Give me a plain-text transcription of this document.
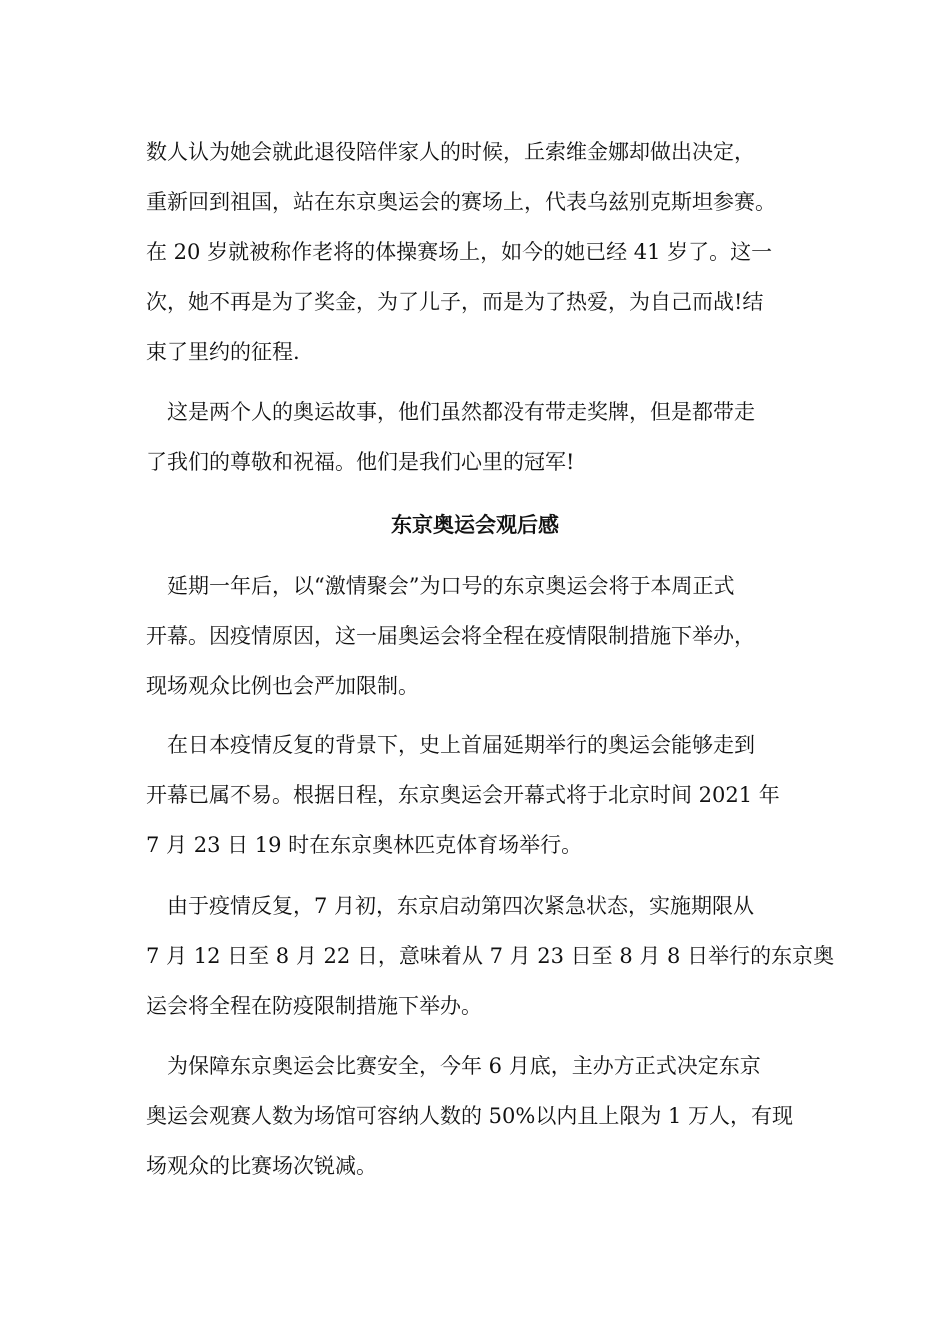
数人认为她会就此退役陪伴家人的时候，丘索维金娜却做出决定，
重新回到祖国，站在东京奥运会的赛场上，代表乌兹别克斯坦参赛。
在 20 岁就被称作老将的体操赛场上，如今的她已经 41 岁了。这一
次，她不再是为了奖金，为了儿子，而是为了热爱，为自己而战!结
束了里约的征程.
　这是两个人的奥运故事，他们虽然都没有带走奖牌，但是都带走
了我们的尊敬和祝福。他们是我们心里的冠军!
东京奥运会观后感
　延期一年后，以“激情聚会”为口号的东京奥运会将于本周正式
开幕。因疫情原因，这一届奥运会将全程在疫情限制措施下举办，
现场观众比例也会严加限制。
　在日本疫情反复的背景下，史上首届延期举行的奥运会能够走到
开幕已属不易。根据日程，东京奥运会开幕式将于北京时间 2021 年
7 月 23 日 19 时在东京奥林匹克体育场举行。
　由于疫情反复，7 月初，东京启动第四次紧急状态，实施期限从
7 月 12 日至 8 月 22 日，意味着从 7 月 23 日至 8 月 8 日举行的东京奥
运会将全程在防疫限制措施下举办。
　为保障东京奥运会比赛安全，今年 6 月底，主办方正式决定东京
奥运会观赛人数为场馆可容纳人数的 50%以内且上限为 1 万人，有现
场观众的比赛场次锐减。
